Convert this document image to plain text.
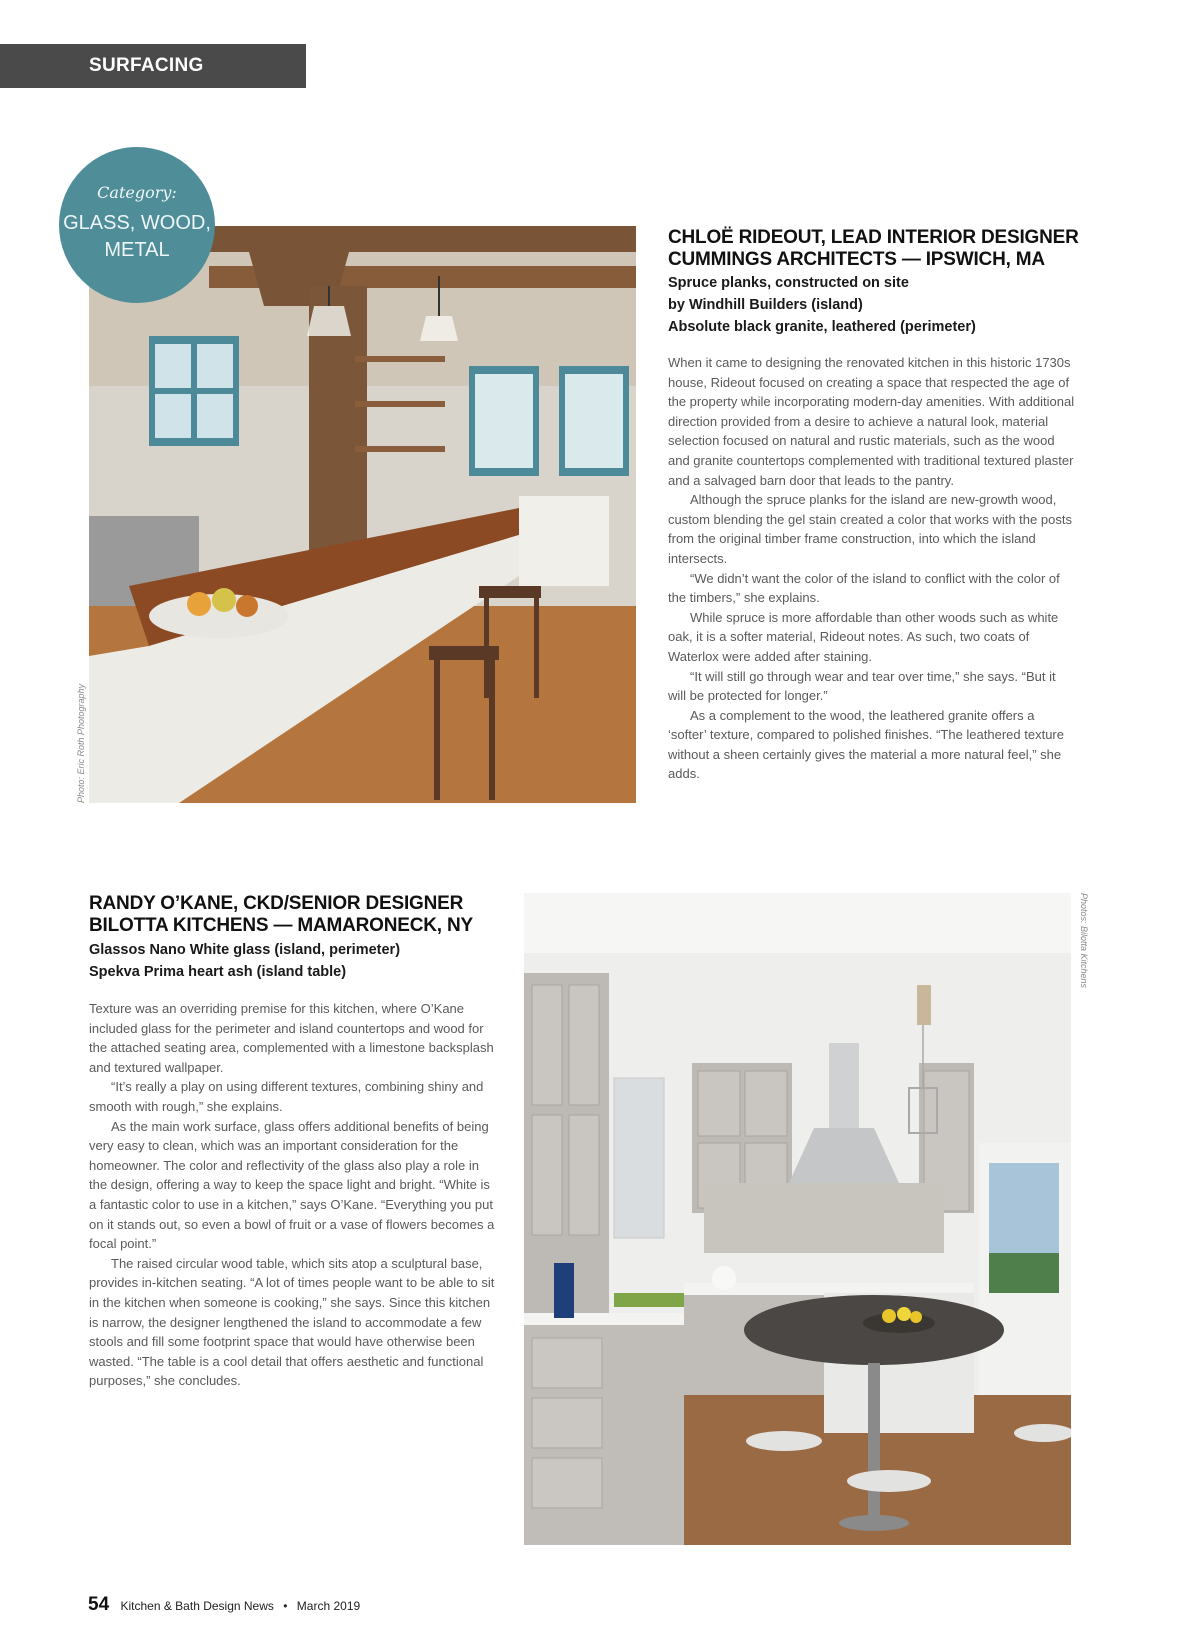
SURFACING PROFILES
Category:
GLASS, WOOD, METAL
Photo: Eric Roth Photography
CHLOË RIDEOUT, LEAD INTERIOR DESIGNER
CUMMINGS ARCHITECTS — IPSWICH, MA
Spruce planks, constructed on site
by Windhill Builders (island)
Absolute black granite, leathered (perimeter)

When it came to designing the renovated kitchen in this historic 1730s house, Rideout focused on creating a space that respected the age of the property while incorporating modern-day amenities. With additional direction provided from a desire to achieve a natural look, material selection focused on natural and rustic materials, such as the wood and granite countertops complemented with traditional textured plaster and a salvaged barn door that leads to the pantry.

Although the spruce planks for the island are new-growth wood, custom blending the gel stain created a color that works with the posts from the original timber frame construction, into which the island intersects.

“We didn’t want the color of the island to conflict with the color of the timbers,” she explains.

While spruce is more affordable than other woods such as white oak, it is a softer material, Rideout notes. As such, two coats of Waterlox were added after staining.

“It will still go through wear and tear over time,” she says. “But it will be protected for longer.”

As a complement to the wood, the leathered granite offers a ‘softer’ texture, compared to polished finishes. “The leathered texture without a sheen certainly gives the material a more natural feel,” she adds.

RANDY O’KANE, CKD/SENIOR DESIGNER
BILOTTA KITCHENS — MAMARONECK, NY
Glassos Nano White glass (island, perimeter)
Spekva Prima heart ash (island table)

Texture was an overriding premise for this kitchen, where O’Kane included glass for the perimeter and island countertops and wood for the attached seating area, complemented with a limestone backsplash and textured wallpaper.

“It’s really a play on using different textures, combining shiny and smooth with rough,” she explains.

As the main work surface, glass offers additional benefits of being very easy to clean, which was an important consideration for the homeowner. The color and reflectivity of the glass also play a role in the design, offering a way to keep the space light and bright. “White is a fantastic color to use in a kitchen,” says O’Kane. “Everything you put on it stands out, so even a bowl of fruit or a vase of flowers becomes a focal point.”

The raised circular wood table, which sits atop a sculptural base, provides in-kitchen seating. “A lot of times people want to be able to sit in the kitchen when someone is cooking,” she says. Since this kitchen is narrow, the designer lengthened the island to accommodate a few stools and fill some footprint space that would have otherwise been wasted. “The table is a cool detail that offers aesthetic and functional purposes,” she concludes.

Photos: Bilotta Kitchens
54 Kitchen & Bath Design News • March 2019
